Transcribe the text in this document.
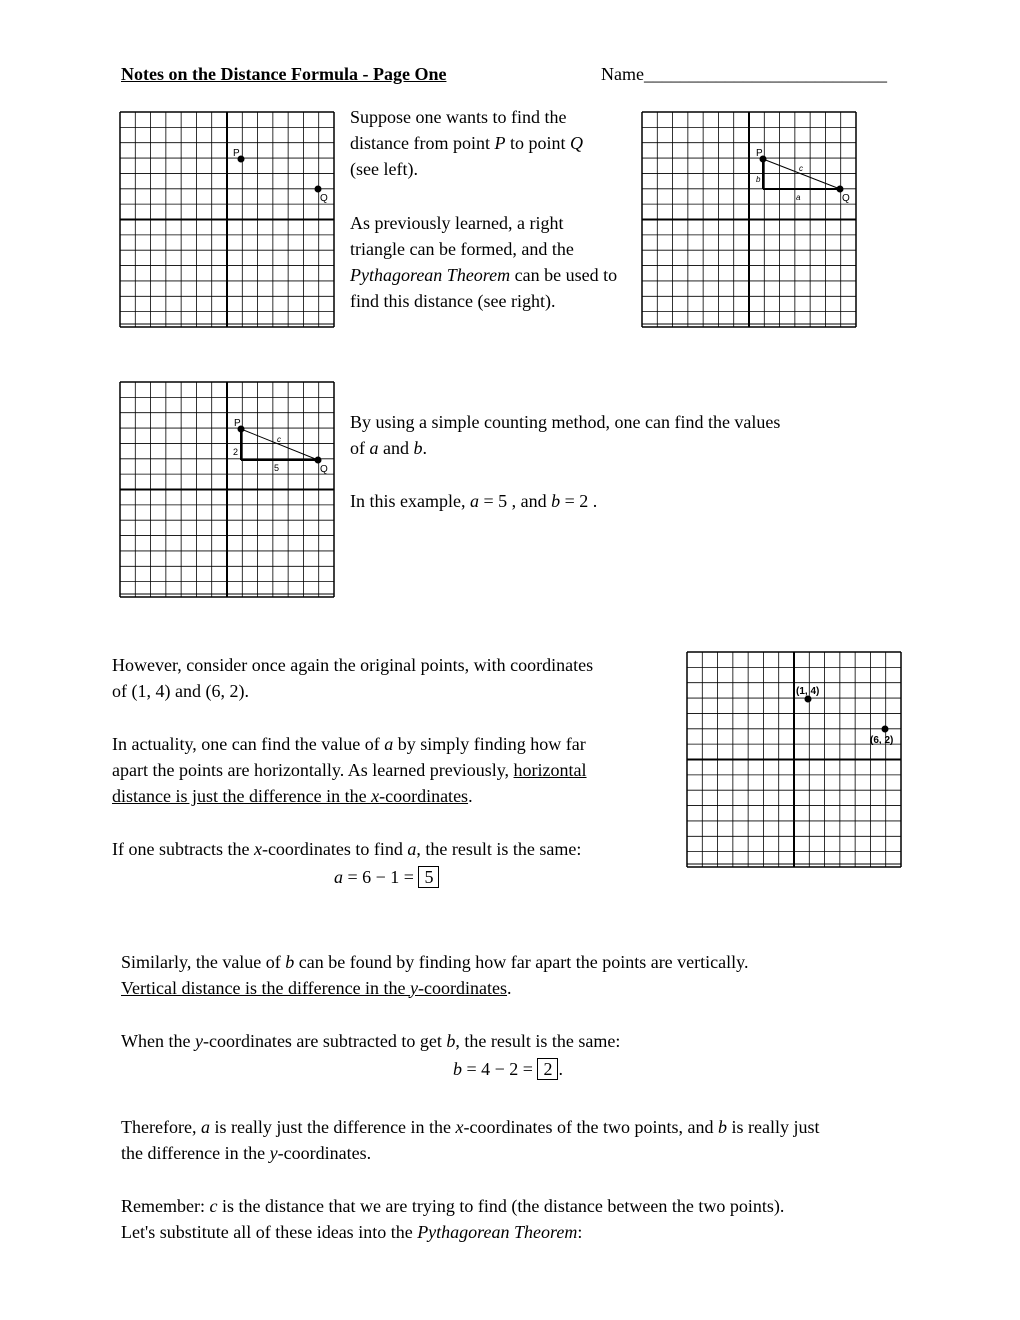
Notes on the Distance Formula - Page One	Name___________________________
P
Q
Suppose one wants to find the
distance from point P to point Q
(see left).
As previously learned, a right
triangle can be formed, and the
Pythagorean Theorem can be used to
find this distance (see right).
P
Q
a
b
c
P
Q
5
2
c
By using a simple counting method, one can find the values
of a and b.
In this example, a = 5 , and b = 2 .
However, consider once again the original points, with coordinates
of (1, 4) and (6, 2).
In actuality, one can find the value of a by simply finding how far
apart the points are horizontally. As learned previously, horizontal
distance is just the difference in the x-coordinates.
If one subtracts the x-coordinates to find a, the result is the same:
a = 6 − 1 = 5
(1, 4)
(6, 2)
Similarly, the value of b can be found by finding how far apart the points are vertically.
Vertical distance is the difference in the y-coordinates.
When the y-coordinates are subtracted to get b, the result is the same:
b = 4 − 2 = 2 .
Therefore, a is really just the difference in the x-coordinates of the two points, and b is really just
the difference in the y-coordinates.
Remember: c is the distance that we are trying to find (the distance between the two points).
Let's substitute all of these ideas into the Pythagorean Theorem:
